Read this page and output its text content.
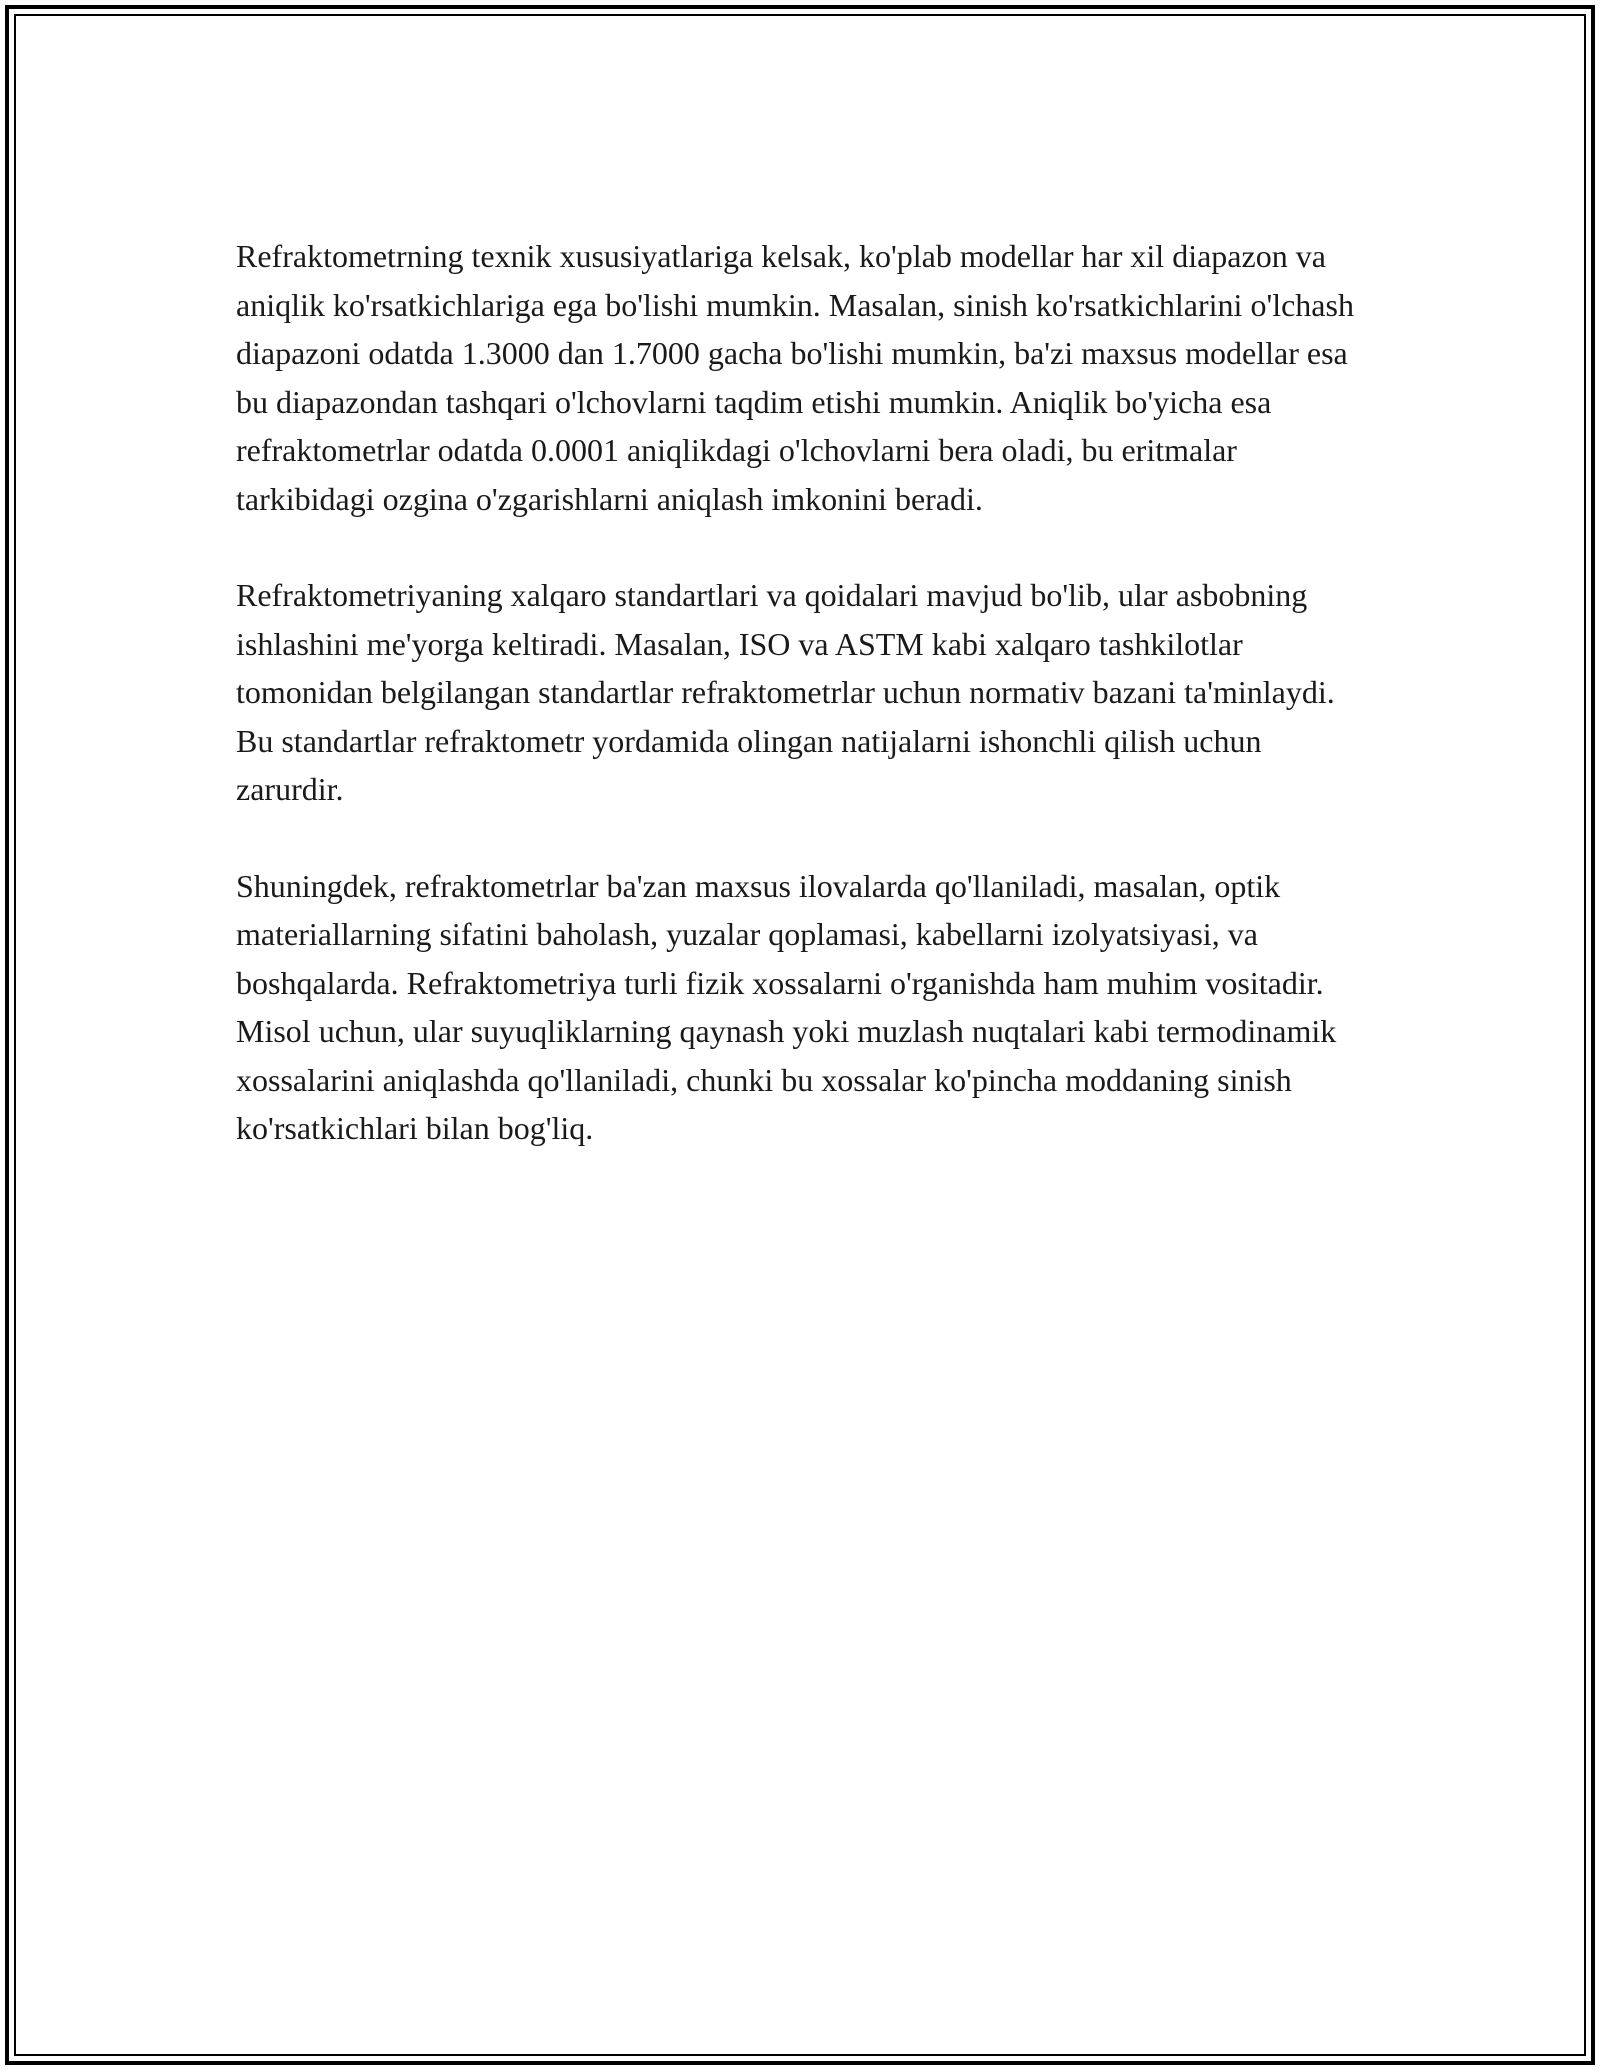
Refraktometrning texnik xususiyatlariga kelsak, ko'plab modellar har xil diapazon va aniqlik ko'rsatkichlariga ega bo'lishi mumkin. Masalan, sinish ko'rsatkichlarini o'lchash diapazoni odatda 1.3000 dan 1.7000 gacha bo'lishi mumkin, ba'zi maxsus modellar esa bu diapazondan tashqari o'lchovlarni taqdim etishi mumkin. Aniqlik bo'yicha esa refraktometrlar odatda 0.0001 aniqlikdagi o'lchovlarni bera oladi, bu eritmalar tarkibidagi ozgina o'zgarishlarni aniqlash imkonini beradi.

Refraktometriyaning xalqaro standartlari va qoidalari mavjud bo'lib, ular asbobning ishlashini me'yorga keltiradi. Masalan, ISO va ASTM kabi xalqaro tashkilotlar tomonidan belgilangan standartlar refraktometrlar uchun normativ bazani ta'minlaydi. Bu standartlar refraktometr yordamida olingan natijalarni ishonchli qilish uchun zarurdir.

Shuningdek, refraktometrlar ba'zan maxsus ilovalarda qo'llaniladi, masalan, optik materiallarning sifatini baholash, yuzalar qoplamasi, kabellarni izolyatsiyasi, va boshqalarda. Refraktometriya turli fizik xossalarni o'rganishda ham muhim vositadir. Misol uchun, ular suyuqliklarning qaynash yoki muzlash nuqtalari kabi termodinamik xossalarini aniqlashda qo'llaniladi, chunki bu xossalar ko'pincha moddaning sinish ko'rsatkichlari bilan bog'liq.
